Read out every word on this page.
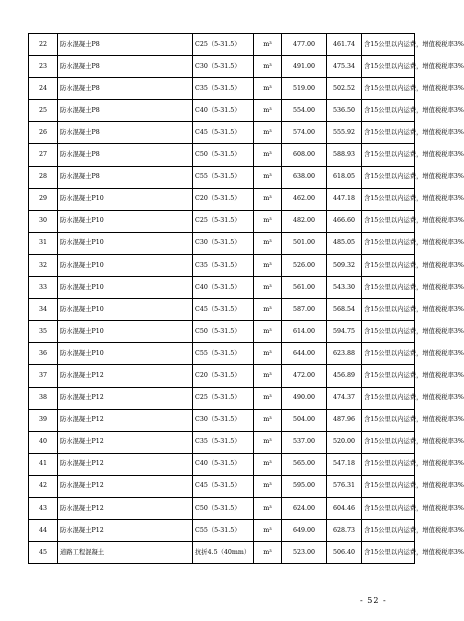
22	防水混凝土P8	C25（5-31.5）	m³	477.00	461.74	含15公里以内运费，增值税税率3%
23	防水混凝土P8	C30（5-31.5）	m³	491.00	475.34	含15公里以内运费，增值税税率3%
24	防水混凝土P8	C35（5-31.5）	m³	519.00	502.52	含15公里以内运费，增值税税率3%
25	防水混凝土P8	C40（5-31.5）	m³	554.00	536.50	含15公里以内运费，增值税税率3%
26	防水混凝土P8	C45（5-31.5）	m³	574.00	555.92	含15公里以内运费，增值税税率3%
27	防水混凝土P8	C50（5-31.5）	m³	608.00	588.93	含15公里以内运费，增值税税率3%
28	防水混凝土P8	C55（5-31.5）	m³	638.00	618.05	含15公里以内运费，增值税税率3%
29	防水混凝土P10	C20（5-31.5）	m³	462.00	447.18	含15公里以内运费，增值税税率3%
30	防水混凝土P10	C25（5-31.5）	m³	482.00	466.60	含15公里以内运费，增值税税率3%
31	防水混凝土P10	C30（5-31.5）	m³	501.00	485.05	含15公里以内运费，增值税税率3%
32	防水混凝土P10	C35（5-31.5）	m³	526.00	509.32	含15公里以内运费，增值税税率3%
33	防水混凝土P10	C40（5-31.5）	m³	561.00	543.30	含15公里以内运费，增值税税率3%
34	防水混凝土P10	C45（5-31.5）	m³	587.00	568.54	含15公里以内运费，增值税税率3%
35	防水混凝土P10	C50（5-31.5）	m³	614.00	594.75	含15公里以内运费，增值税税率3%
36	防水混凝土P10	C55（5-31.5）	m³	644.00	623.88	含15公里以内运费，增值税税率3%
37	防水混凝土P12	C20（5-31.5）	m³	472.00	456.89	含15公里以内运费，增值税税率3%
38	防水混凝土P12	C25（5-31.5）	m³	490.00	474.37	含15公里以内运费，增值税税率3%
39	防水混凝土P12	C30（5-31.5）	m³	504.00	487.96	含15公里以内运费，增值税税率3%
40	防水混凝土P12	C35（5-31.5）	m³	537.00	520.00	含15公里以内运费，增值税税率3%
41	防水混凝土P12	C40（5-31.5）	m³	565.00	547.18	含15公里以内运费，增值税税率3%
42	防水混凝土P12	C45（5-31.5）	m³	595.00	576.31	含15公里以内运费，增值税税率3%
43	防水混凝土P12	C50（5-31.5）	m³	624.00	604.46	含15公里以内运费，增值税税率3%
44	防水混凝土P12	C55（5-31.5）	m³	649.00	628.73	含15公里以内运费，增值税税率3%
45	道路工程混凝土	抗折4.5（40mm）	m³	523.00	506.40	含15公里以内运费，增值税税率3%
- 52 -
